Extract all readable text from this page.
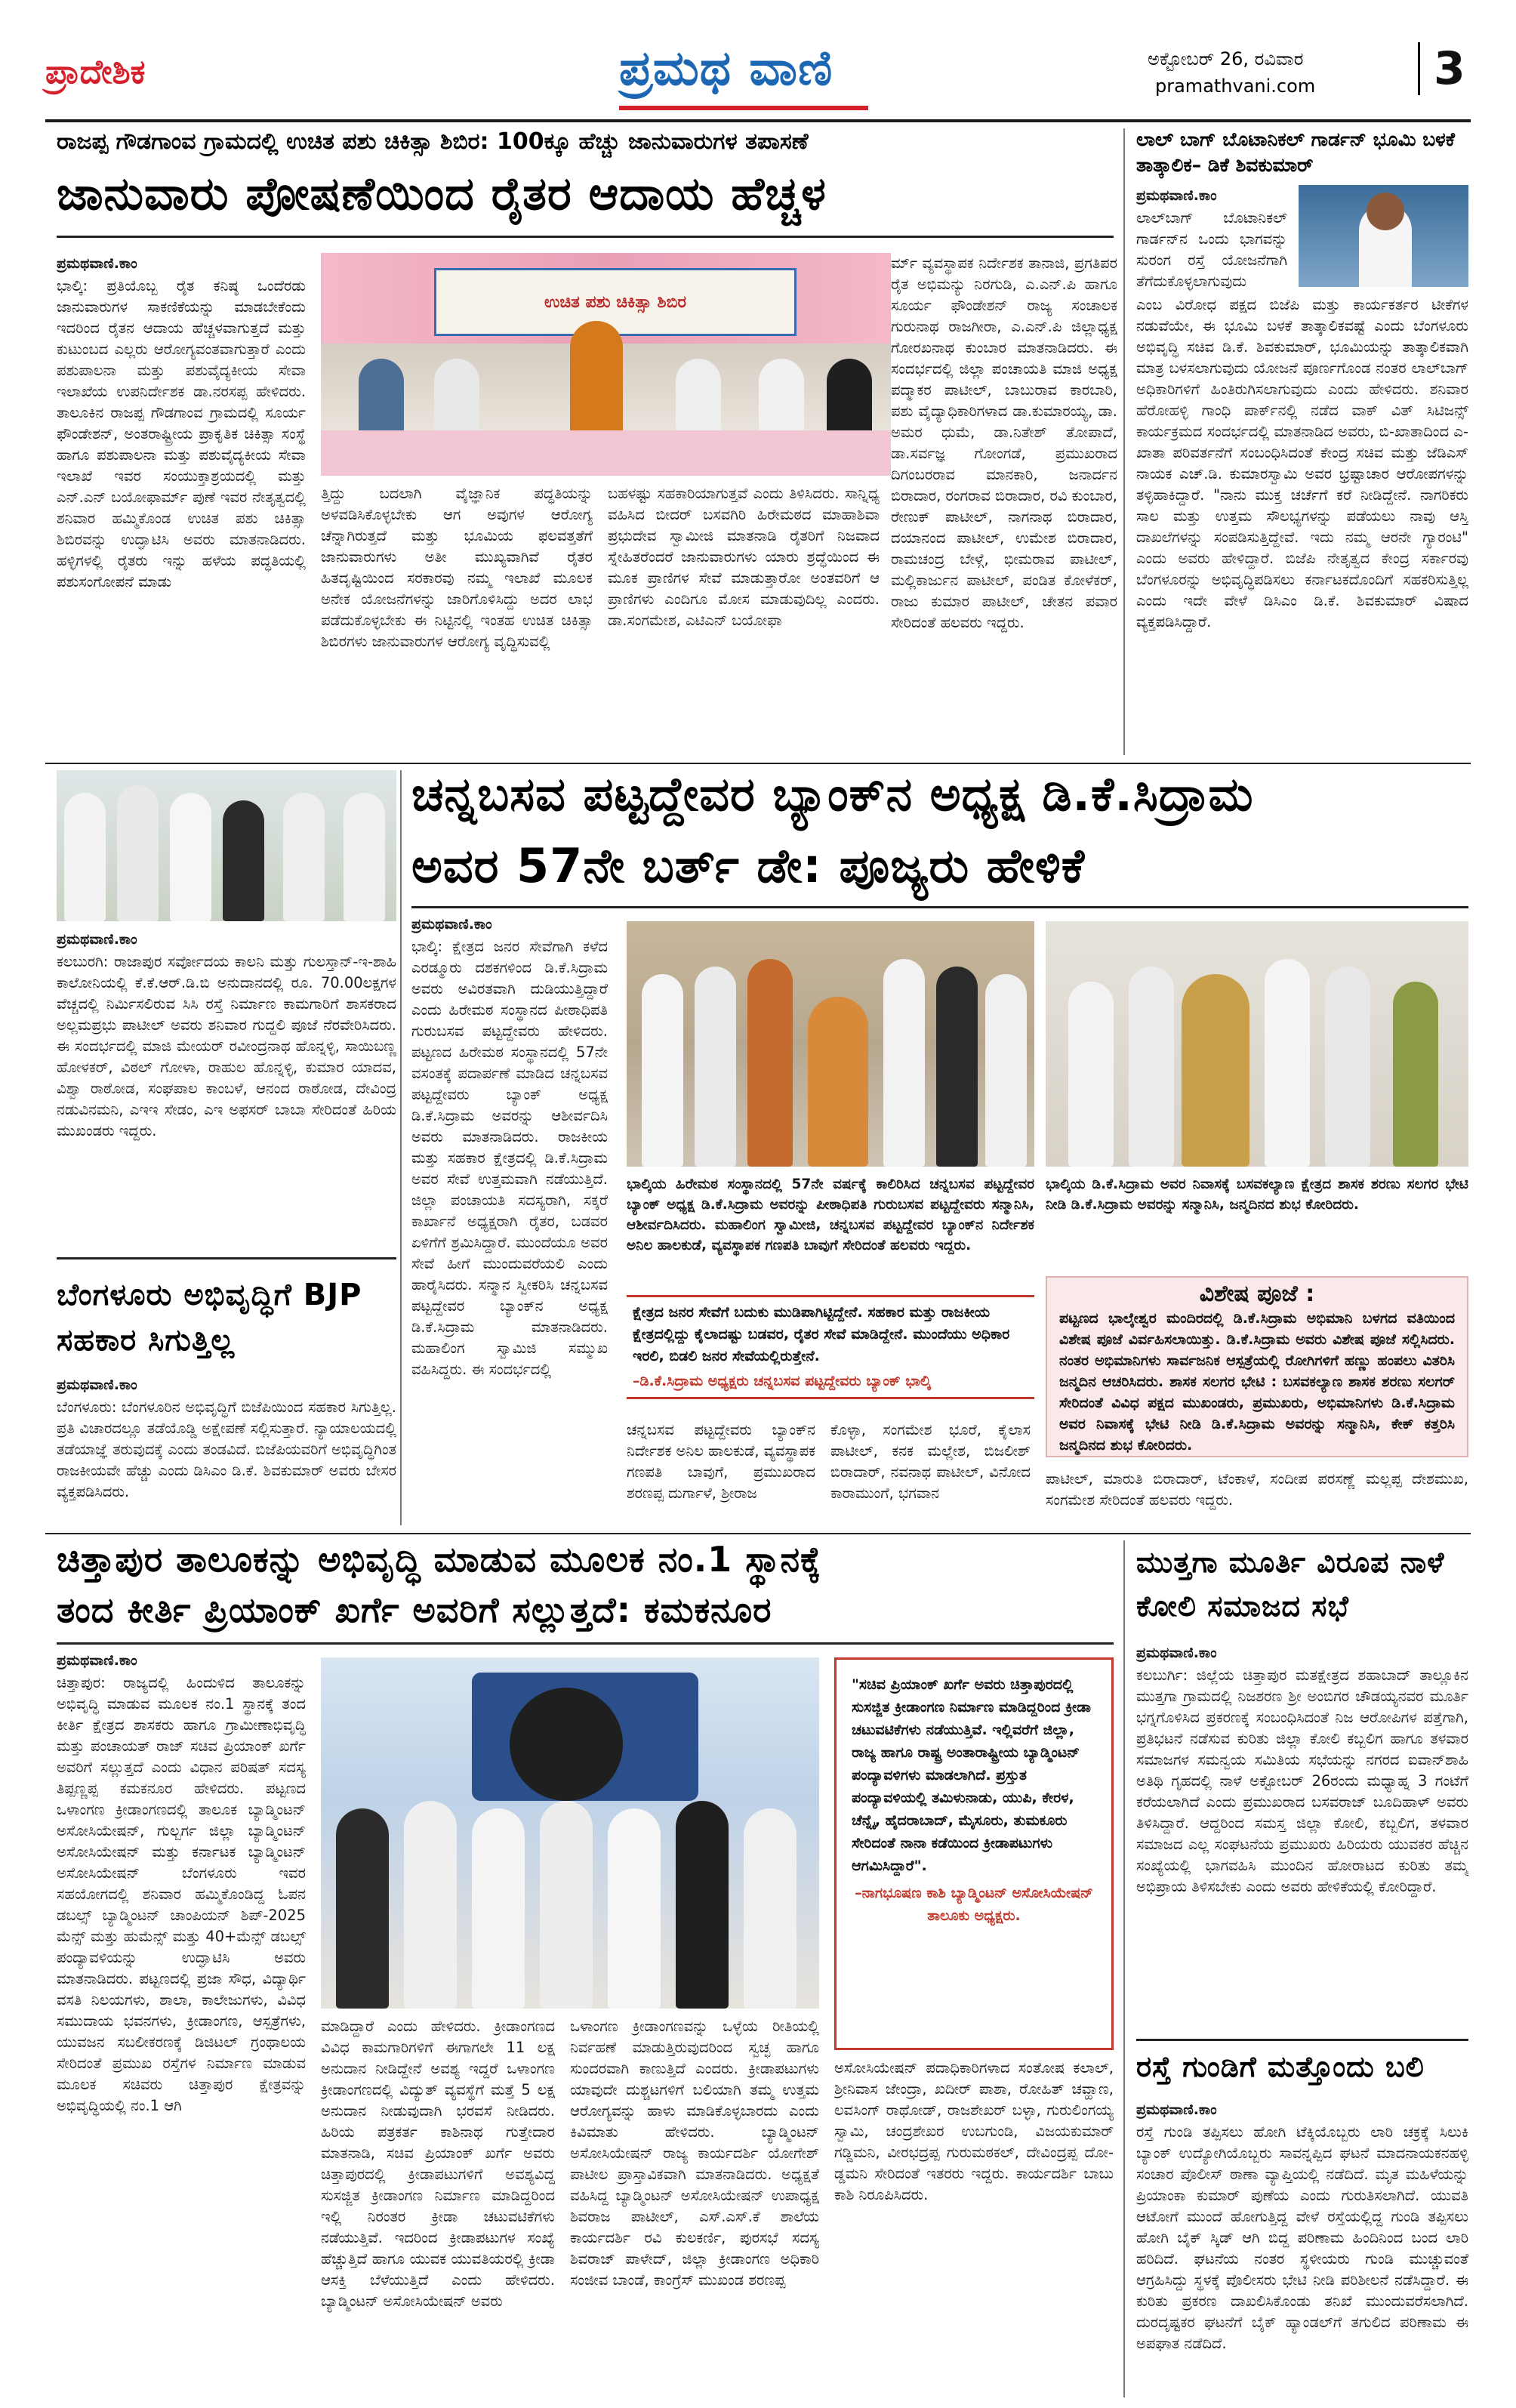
ಪ್ರಾದೇಶಿಕ	ಪ್ರಮಥ ವಾಣಿ	ಅಕ್ಟೋಬರ್ 26, ರವಿವಾರ
pramathvani.com	3
ರಾಜಪ್ಪ ಗೌಡಗಾಂವ ಗ್ರಾಮದಲ್ಲಿ ಉಚಿತ ಪಶು ಚಿಕಿತ್ಸಾ ಶಿಬಿರ: 100ಕ್ಕೂ ಹೆಚ್ಚು ಜಾನುವಾರುಗಳ ತಪಾಸಣೆ
ಜಾನುವಾರು ಪೋಷಣೆಯಿಂದ ರೈತರ ಆದಾಯ ಹೆಚ್ಚಳ
ಪ್ರಮಥವಾಣಿ.ಕಾಂ
ಭಾಲ್ಕಿ: ಪ್ರತಿಯೊಬ್ಬ ರೈತ ಕನಿಷ್ಠ ಒಂದೆರಡು ಜಾನುವಾರುಗಳ ಸಾಕಣಿಕೆಯನ್ನು ಮಾಡಬೇಕೆಂದು ಇದರಿಂದ ರೈತನ ಆದಾಯ ಹೆಚ್ಚಳವಾಗುತ್ತದೆ ಮತ್ತು ಕುಟುಂಬದ ಎಲ್ಲರು ಆರೋಗ್ಯವಂತವಾಗುತ್ತಾರೆ ಎಂದು ಪಶುಪಾಲನಾ ಮತ್ತು ಪಶುವೈದ್ಯಕೀಯ ಸೇವಾ ಇಲಾಖೆಯ ಉಪನಿರ್ದೇಶಕ ಡಾ.ನರಸಪ್ಪ ಹೇಳಿದರು. ತಾಲೂಕಿನ ರಾಜಪ್ಪ ಗೌಡಗಾಂವ ಗ್ರಾಮದಲ್ಲಿ ಸೂರ್ಯ ಫೌಂಡೇಶನ್, ಅಂತರಾಷ್ಟ್ರೀಯ ಪ್ರಾಕೃತಿಕ ಚಿಕಿತ್ಸಾ ಸಂಸ್ಥೆ ಹಾಗೂ ಪಶುಪಾಲನಾ ಮತ್ತು ಪಶುವೈದ್ಯಕೀಯ ಸೇವಾ ಇಲಾಖೆ ಇವರ ಸಂಯುಕ್ತಾಶ್ರಯದಲ್ಲಿ ಮತ್ತು ಎನ್.ಎನ್ ಬಯೋಫಾರ್ಮ್ ಪುಣೆ ಇವರ ನೇತೃತ್ವದಲ್ಲಿ ಶನಿವಾರ ಹಮ್ಮಿಕೊಂಡ ಉಚಿತ ಪಶು ಚಿಕಿತ್ಸಾ ಶಿಬಿರವನ್ನು ಉದ್ಘಾಟಿಸಿ ಅವರು ಮಾತನಾಡಿದರು. ಹಳ್ಳಿಗಳಲ್ಲಿ ರೈತರು ಇನ್ನು ಹಳೆಯ ಪದ್ಧತಿಯಲ್ಲಿ ಪಶುಸಂಗೋಪನೆ ಮಾಡು
ಉಚಿತ ಪಶು ಚಿಕಿತ್ಸಾ ಶಿಬಿರ
ತ್ತಿದ್ದು ಬದಲಾಗಿ ವೈಜ್ಞಾನಿಕ ಪದ್ಧತಿಯನ್ನು ಅಳವಡಿಸಿಕೊಳ್ಳಬೇಕು ಆಗ ಅವುಗಳ ಆರೋಗ್ಯ ಚೆನ್ನಾಗಿರುತ್ತದೆ ಮತ್ತು ಭೂಮಿಯ ಫಲವತ್ತತೆಗೆ ಜಾನುವಾರುಗಳು ಅತೀ ಮುಖ್ಯವಾಗಿವೆ ರೈತರ ಹಿತದೃಷ್ಟಿಯಿಂದ ಸರಕಾರವು ನಮ್ಮ ಇಲಾಖೆ ಮೂಲಕ ಅನೇಕ ಯೋಜನೆಗಳನ್ನು ಜಾರಿಗೊಳಿಸಿದ್ದು ಅದರ ಲಾಭ ಪಡೆದುಕೊಳ್ಳಬೇಕು ಈ ನಿಟ್ಟಿನಲ್ಲಿ ಇಂತಹ ಉಚಿತ ಚಿಕಿತ್ಸಾ ಶಿಬಿರಗಳು ಜಾನುವಾರುಗಳ ಆರೋಗ್ಯ ವೃದ್ಧಿಸುವಲ್ಲಿ
ಬಹಳಷ್ಟು ಸಹಕಾರಿಯಾಗುತ್ತವೆ ಎಂದು ತಿಳಿಸಿದರು. ಸಾನ್ನಿಧ್ಯ ವಹಿಸಿದ ಬೀದರ್ ಬಸವಗಿರಿ ಹಿರೇಮಠದ ಮಾಹಾಶಿವಾ ಪ್ರಭುದೇವ ಸ್ವಾಮೀಜಿ ಮಾತನಾಡಿ ರೈತರಿಗೆ ನಿಜವಾದ ಸ್ನೇಹಿತರೆಂದರೆ ಜಾನುವಾರುಗಳು ಯಾರು ಶ್ರದ್ಧೆಯಿಂದ ಈ ಮೂಕ ಪ್ರಾಣಿಗಳ ಸೇವೆ ಮಾಡುತ್ತಾರೋ ಅಂತವರಿಗೆ ಆ ಪ್ರಾಣಿಗಳು ಎಂದಿಗೂ ಮೋಸ ಮಾಡುವುದಿಲ್ಲ ಎಂದರು. ಡಾ.ಸಂಗಮೇಶ, ಎಟಿಎನ್ ಬಯೋಫಾ
ರ್ಮ್ ವ್ಯವಸ್ಥಾಪಕ ನಿರ್ದೇಶಕ ತಾನಾಜಿ, ಪ್ರಗತಿಪರ ರೈತ ಅಭಿಮನ್ಯು ನಿರಗುಡಿ, ಎ.ಎನ್.ಪಿ ಹಾಗೂ ಸೂರ್ಯ ಫೌಂಡೇಶನ್ ರಾಜ್ಯ ಸಂಚಾಲಕ ಗುರುನಾಥ ರಾಜಗೀರಾ, ಎ.ಎನ್.ಪಿ ಜಿಲ್ಲಾಧ್ಯಕ್ಷ ಗೋರಖನಾಥ ಕುಂಬಾರ ಮಾತನಾಡಿದರು. ಈ ಸಂದರ್ಭದಲ್ಲಿ ಜಿಲ್ಲಾ ಪಂಚಾಯತಿ ಮಾಜಿ ಅಧ್ಯಕ್ಷ ಪದ್ಮಾಕರ ಪಾಟೀಲ್, ಬಾಬುರಾವ ಕಾರಬಾರಿ, ಪಶು ವೈದ್ಯಾಧಿಕಾರಿಗಳಾದ ಡಾ.ಕುಮಾರಯ್ಯ, ಡಾ. ಅಮರ ಧುಮೆ, ಡಾ.ನಿತೇಶ್ ತೋಪಾದೆ, ಡಾ.ಸರ್ವಜ್ಞ ಗೋಂಗಡೆ, ಪ್ರಮುಖರಾದ ದಿಗಂಬರರಾವ ಮಾನಕಾರಿ, ಜನಾರ್ದನ ಬಿರಾದಾರ, ರಂಗರಾವ ಬಿರಾದಾರ, ರವಿ ಕುಂಬಾರ, ರೇಣುಕ್ ಪಾಟೀಲ್, ನಾಗನಾಥ ಬಿರಾದಾರ, ದಯಾನಂದ ಪಾಟೀಲ್, ಉಮೇಶ ಬಿರಾದಾರ, ರಾಮಚಂದ್ರ ಬೇಳ್ಗೆ, ಭೀಮರಾವ ಪಾಟೀಲ್, ಮಲ್ಲಿಕಾರ್ಜುನ ಪಾಟೀಲ್, ಪಂಡಿತ ಕೋಳೆಕರ್, ರಾಜು ಕುಮಾರ ಪಾಟೀಲ್, ಚೇತನ ಪವಾರ ಸೇರಿದಂತೆ ಹಲವರು ಇದ್ದರು.
ಲಾಲ್ ಬಾಗ್ ಬೊಟಾನಿಕಲ್ ಗಾರ್ಡನ್ ಭೂಮಿ ಬಳಕೆ ತಾತ್ಕಾಲಿಕ– ಡಿಕೆ ಶಿವಕುಮಾರ್
ಪ್ರಮಥವಾಣಿ.ಕಾಂ
ಲಾಲ್‌ಬಾಗ್ ಬೊಟಾನಿಕಲ್ ಗಾರ್ಡನ್‌ನ ಒಂದು ಭಾಗವನ್ನು ಸುರಂಗ ರಸ್ತೆ ಯೋಜನೆಗಾಗಿ ತೆಗೆದುಕೊಳ್ಳಲಾಗುವುದು
ಎಂಬ ವಿರೋಧ ಪಕ್ಷದ ಬಿಜೆಪಿ ಮತ್ತು ಕಾರ್ಯಕರ್ತರ ಟೀಕೆಗಳ ನಡುವೆಯೇ, ಈ ಭೂಮಿ ಬಳಕೆ ತಾತ್ಕಾಲಿಕವಷ್ಟೆ ಎಂದು ಬೆಂಗಳೂರು ಅಭಿವೃದ್ಧಿ ಸಚಿವ ಡಿ.ಕೆ. ಶಿವಕುಮಾರ್, ಭೂಮಿಯನ್ನು ತಾತ್ಕಾಲಿಕವಾಗಿ ಮಾತ್ರ ಬಳಸಲಾಗುವುದು ಯೋಜನೆ ಪೂರ್ಣಗೊಂಡ ನಂತರ ಲಾಲ್‌ಬಾಗ್ ಅಧಿಕಾರಿಗಳಿಗೆ ಹಿಂತಿರುಗಿಸಲಾಗುವುದು ಎಂದು ಹೇಳಿದರು. ಶನಿವಾರ ಹೆರೋಹಳ್ಳಿ ಗಾಂಧಿ ಪಾರ್ಕ್‌ನಲ್ಲಿ ನಡೆದ ವಾಕ್ ವಿತ್ ಸಿಟಿಜನ್ಸ್ ಕಾರ್ಯಕ್ರಮದ ಸಂದರ್ಭದಲ್ಲಿ ಮಾತನಾಡಿದ ಅವರು, ಬಿ-ಖಾತಾದಿಂದ ಎ-ಖಾತಾ ಪರಿವರ್ತನೆಗೆ ಸಂಬಂಧಿಸಿದಂತೆ ಕೇಂದ್ರ ಸಚಿವ ಮತ್ತು ಜೆಡಿಎಸ್ ನಾಯಕ ಎಚ್.ಡಿ. ಕುಮಾರಸ್ವಾಮಿ ಅವರ ಭ್ರಷ್ಟಾಚಾರ ಆರೋಪಗಳನ್ನು ತಳ್ಳಿಹಾಕಿದ್ದಾರೆ. "ನಾನು ಮುಕ್ತ ಚರ್ಚೆಗೆ ಕರೆ ನೀಡಿದ್ದೇನೆ. ನಾಗರಿಕರು ಸಾಲ ಮತ್ತು ಉತ್ತಮ ಸೌಲಭ್ಯಗಳನ್ನು ಪಡೆಯಲು ನಾವು ಆಸ್ತಿ ದಾಖಲೆಗಳನ್ನು ಸಂಪಡಿಸುತ್ತಿದ್ದೇವೆ. ಇದು ನಮ್ಮ ಆರನೇ ಗ್ಯಾರಂಟಿ" ಎಂದು ಅವರು ಹೇಳಿದ್ದಾರೆ. ಬಿಜೆಪಿ ನೇತೃತ್ವದ ಕೇಂದ್ರ ಸರ್ಕಾರವು ಬೆಂಗಳೂರನ್ನು ಅಭಿವೃದ್ಧಿಪಡಿಸಲು ಕರ್ನಾಟಕದೊಂದಿಗೆ ಸಹಕರಿಸುತ್ತಿಲ್ಲ ಎಂದು ಇದೇ ವೇಳೆ ಡಿಸಿಎಂ ಡಿ.ಕೆ. ಶಿವಕುಮಾರ್ ವಿಷಾದ ವ್ಯಕ್ತಪಡಿಸಿದ್ದಾರೆ.
ಪ್ರಮಥವಾಣಿ.ಕಾಂ
ಕಲಬುರಗಿ: ರಾಜಾಪುರ ಸರ್ವೋದಯ ಕಾಲನಿ ಮತ್ತು ಗುಲಸ್ತಾನ್-ಇ-ಶಾಹಿ ಕಾಲೋನಿಯಲ್ಲಿ ಕೆ.ಕೆ.ಆರ್.ಡಿ.ಬಿ ಅನುದಾನದಲ್ಲಿ ರೂ. 70.00ಲಕ್ಷಗಳ ವೆಚ್ಚದಲ್ಲಿ ನಿರ್ಮಿಸಲಿರುವ ಸಿಸಿ ರಸ್ತೆ ನಿರ್ಮಾಣ ಕಾಮಗಾರಿಗೆ ಶಾಸಕರಾದ ಅಲ್ಲಮಪ್ರಭು ಪಾಟೀಲ್ ಅವರು ಶನಿವಾರ ಗುದ್ದಲಿ ಪೂಜೆ ನೆರವೇರಿಸಿದರು. ಈ ಸಂದರ್ಭದಲ್ಲಿ ಮಾಜಿ ಮೇಯರ್ ರವೀಂದ್ರನಾಥ ಹೊನ್ನಳ್ಳಿ, ಸಾಯಿಬಣ್ಣ ಹೋಳಕರ್, ವಿಠಲ್ ಗೋಳಾ, ರಾಹುಲ ಹೊನ್ನಳ್ಳಿ, ಕುಮಾರ ಯಾದವ, ವಿಶ್ವಾ ರಾಠೋಡ, ಸಂಘಪಾಲ ಕಾಂಬಳೆ, ಆನಂದ ರಾಠೋಡ, ದೇವಿಂದ್ರ ನಡುವಿನಮನಿ, ಎಇಇ ಸೇಡಂ, ಎಇ ಅಫಸರ್ ಬಾಬಾ ಸೇರಿದಂತೆ ಹಿರಿಯ ಮುಖಂಡರು ಇದ್ದರು.
ಬೆಂಗಳೂರು ಅಭಿವೃದ್ಧಿಗೆ BJP ಸಹಕಾರ ಸಿಗುತ್ತಿಲ್ಲ
ಪ್ರಮಥವಾಣಿ.ಕಾಂ
ಬೆಂಗಳೂರು: ಬೆಂಗಳೂರಿನ ಅಭಿವೃದ್ಧಿಗೆ ಬಿಜೆಪಿಯಿಂದ ಸಹಕಾರ ಸಿಗುತ್ತಿಲ್ಲ. ಪ್ರತಿ ವಿಚಾರದಲ್ಲೂ ತಡೆಯೊಡ್ಡಿ ಅಕ್ಷೇಪಣೆ ಸಲ್ಲಿಸುತ್ತಾರೆ. ನ್ಯಾಯಾಲಯದಲ್ಲಿ ತಡೆಯಾಜ್ಞೆ ತರುವುದಕ್ಕೆ ಎಂದು ತಂಡವಿದೆ. ಬಿಜೆಪಿಯವರಿಗೆ ಅಭಿವೃದ್ಧಿಗಿಂತ ರಾಜಕೀಯವೇ ಹೆಚ್ಚು ಎಂದು ಡಿಸಿಎಂ ಡಿ.ಕೆ. ಶಿವಕುಮಾರ್ ಅವರು ಬೇಸರ ವ್ಯಕ್ತಪಡಿಸಿದರು.
ಚನ್ನಬಸವ ಪಟ್ಟದ್ದೇವರ ಬ್ಯಾಂಕ್‌ನ ಅಧ್ಯಕ್ಷ ಡಿ.ಕೆ.ಸಿದ್ರಾಮ
ಅವರ 57ನೇ ಬರ್ತ್ ಡೇ: ಪೂಜ್ಯರು ಹೇಳಿಕೆ
ಪ್ರಮಥವಾಣಿ.ಕಾಂ
ಭಾಲ್ಕಿ: ಕ್ಷೇತ್ರದ ಜನರ ಸೇವೆಗಾಗಿ ಕಳೆದ ಎರಡ್ಮೂರು ದಶಕಗಳಿಂದ ಡಿ.ಕೆ.ಸಿದ್ರಾಮ ಅವರು ಅವಿರತವಾಗಿ ದುಡಿಯುತ್ತಿದ್ದಾರೆ ಎಂದು ಹಿರೇಮಠ ಸಂಸ್ಥಾನದ ಪೀಠಾಧಿಪತಿ ಗುರುಬಸವ ಪಟ್ಟದ್ದೇವರು ಹೇಳಿದರು. ಪಟ್ಟಣದ ಹಿರೇಮಠ ಸಂಸ್ಥಾನದಲ್ಲಿ 57ನೇ ವಸಂತಕ್ಕೆ ಪದಾರ್ಪಣೆ ಮಾಡಿದ ಚನ್ನಬಸವ ಪಟ್ಟದ್ದೇವರು ಬ್ಯಾಂಕ್ ಅಧ್ಯಕ್ಷ ಡಿ.ಕೆ.ಸಿದ್ರಾಮ ಅವರನ್ನು ಆಶೀರ್ವದಿಸಿ ಅವರು ಮಾತನಾಡಿದರು. ರಾಜಕೀಯ ಮತ್ತು ಸಹಕಾರ ಕ್ಷೇತ್ರದಲ್ಲಿ ಡಿ.ಕೆ.ಸಿದ್ರಾಮ ಅವರ ಸೇವೆ ಉತ್ತಮವಾಗಿ ನಡೆಯುತ್ತಿದೆ. ಜಿಲ್ಲಾ ಪಂಚಾಯತಿ ಸದಸ್ಯರಾಗಿ, ಸಕ್ಕರೆ ಕಾರ್ಖಾನೆ ಅಧ್ಯಕ್ಷರಾಗಿ ರೈತರ, ಬಡವರ ಏಳಿಗೆಗೆ ಶ್ರಮಿಸಿದ್ದಾರೆ. ಮುಂದೆಯೂ ಅವರ ಸೇವೆ ಹೀಗೆ ಮುಂದುವರೆಯಲಿ ಎಂದು ಹಾರೈಸಿದರು. ಸನ್ಮಾನ ಸ್ವೀಕರಿಸಿ ಚನ್ನಬಸವ ಪಟ್ಟದ್ದೇವರ ಬ್ಯಾಂಕ್‌ನ ಅಧ್ಯಕ್ಷ ಡಿ.ಕೆ.ಸಿದ್ರಾಮ ಮಾತನಾಡಿದರು. ಮಹಾಲಿಂಗ ಸ್ವಾಮಿಜಿ ಸಮ್ಮುಖ ವಹಿಸಿದ್ದರು. ಈ ಸಂದರ್ಭದಲ್ಲಿ
ಭಾಲ್ಕಿಯ ಹಿರೇಮಠ ಸಂಸ್ಥಾನದಲ್ಲಿ 57ನೇ ವರ್ಷಕ್ಕೆ ಕಾಲಿರಿಸಿದ ಚನ್ನಬಸವ ಪಟ್ಟದ್ದೇವರ ಬ್ಯಾಂಕ್ ಅಧ್ಯಕ್ಷ ಡಿ.ಕೆ.ಸಿದ್ರಾಮ ಅವರನ್ನು ಪೀಠಾಧಿಪತಿ ಗುರುಬಸವ ಪಟ್ಟದ್ದೇವರು ಸನ್ಮಾನಿಸಿ, ಆಶೀರ್ವದಿಸಿದರು. ಮಹಾಲಿಂಗ ಸ್ವಾಮೀಜಿ, ಚನ್ನಬಸವ ಪಟ್ಟದ್ದೇವರ ಬ್ಯಾಂಕ್‌ನ ನಿರ್ದೇಶಕ ಅನಿಲ ಹಾಲಕುಡೆ, ವ್ಯವಸ್ಥಾಪಕ ಗಣಪತಿ ಬಾವುಗೆ ಸೇರಿದಂತೆ ಹಲವರು ಇದ್ದರು.
ಭಾಲ್ಕಿಯ ಡಿ.ಕೆ.ಸಿದ್ರಾಮ ಅವರ ನಿವಾಸಕ್ಕೆ ಬಸವಕಲ್ಯಾಣ ಕ್ಷೇತ್ರದ ಶಾಸಕ ಶರಣು ಸಲಗರ ಭೇಟಿ ನೀಡಿ ಡಿ.ಕೆ.ಸಿದ್ರಾಮ ಅವರನ್ನು ಸನ್ಮಾನಿಸಿ, ಜನ್ಮದಿನದ ಶುಭ ಕೋರಿದರು.
ಕ್ಷೇತ್ರದ ಜನರ ಸೇವೆಗೆ ಬದುಕು ಮುಡಿಪಾಗಿಟ್ಟಿದ್ದೇನೆ. ಸಹಕಾರ ಮತ್ತು ರಾಜಕೀಯ ಕ್ಷೇತ್ರದಲ್ಲಿದ್ದು ಕೈಲಾದಷ್ಟು ಬಡವರ, ರೈತರ ಸೇವೆ ಮಾಡಿದ್ದೇನೆ. ಮುಂದೆಯು ಅಧಿಕಾರ ಇರಲಿ, ಬಿಡಲಿ ಜನರ ಸೇವೆಯಲ್ಲಿರುತ್ತೇನೆ.
–ಡಿ.ಕೆ.ಸಿದ್ರಾಮ ಅಧ್ಯಕ್ಷರು ಚನ್ನಬಸವ ಪಟ್ಟದ್ದೇವರು ಬ್ಯಾಂಕ್ ಭಾಲ್ಕಿ
ಚನ್ನಬಸವ ಪಟ್ಟದ್ದೇವರು ಬ್ಯಾಂಕ್‌ನ ನಿರ್ದೇಶಕ ಅನಿಲ ಹಾಲಕುಡೆ, ವ್ಯವಸ್ಥಾಪಕ ಗಣಪತಿ ಬಾವುಗೆ, ಪ್ರಮುಖರಾದ ಶರಣಪ್ಪ ದುರ್ಗಾಳೆ, ಶ್ರೀರಾಜ
ಕೊಳ್ಳಾ, ಸಂಗಮೇಶ ಭೂರೆ, ಕೈಲಾಸ ಪಾಟೀಲ್, ಕನಕ ಮಲ್ಲೇಶ, ಬಿಜಲೀಶ್ ಬಿರಾದಾರ್, ನವನಾಥ ಪಾಟೀಲ್, ವಿನೋದ ಕಾರಾಮುಂಗೆ, ಭಗವಾನ
ವಿಶೇಷ ಪೂಜೆ :
ಪಟ್ಟಣದ ಭಾಲ್ಕೇಶ್ವರ ಮಂದಿರದಲ್ಲಿ ಡಿ.ಕೆ.ಸಿದ್ರಾಮ ಅಭಿಮಾನಿ ಬಳಗದ ವತಿಯಿಂದ ವಿಶೇಷ ಪೂಜೆ ವಿರ್ವಹಿಸಲಾಯಿತ್ತು. ಡಿ.ಕೆ.ಸಿದ್ರಾಮ ಅವರು ವಿಶೇಷ ಪೂಜೆ ಸಲ್ಲಿಸಿದರು. ನಂತರ ಅಭಿಮಾನಿಗಳು ಸಾರ್ವಜನಿಕ ಆಸ್ಪತ್ರೆಯಲ್ಲಿ ರೋಗಿಗಳಿಗೆ ಹಣ್ಣು ಹಂಪಲು ವಿತರಿಸಿ ಜನ್ಮದಿನ ಆಚರಿಸಿದರು. ಶಾಸಕ ಸಲಗರ ಭೇಟಿ : ಬಸವಕಲ್ಯಾಣ ಶಾಸಕ ಶರಣು ಸಲಗರ್ ಸೇರಿದಂತೆ ವಿವಿಧ ಪಕ್ಷದ ಮುಖಂಡರು, ಪ್ರಮುಖರು, ಅಭಿಮಾನಿಗಳು ಡಿ.ಕೆ.ಸಿದ್ರಾಮ ಅವರ ನಿವಾಸಕ್ಕೆ ಭೇಟಿ ನೀಡಿ ಡಿ.ಕೆ.ಸಿದ್ರಾಮ ಅವರನ್ನು ಸನ್ಮಾನಿಸಿ, ಕೇಕ್ ಕತ್ತರಿಸಿ ಜನ್ಮದಿನದ ಶುಭ ಕೋರಿದರು.
ಪಾಟೀಲ್, ಮಾರುತಿ ಬಿರಾದಾರ್, ಟೆಂಕಾಳೆ, ಸಂದೀಪ ಪರಸಣ್ಣೆ ಮಲ್ಲಪ್ಪ ದೇಶಮುಖ, ಸಂಗಮೇಶ ಸೇರಿದಂತೆ ಹಲವರು ಇದ್ದರು.
ಚಿತ್ತಾಪುರ ತಾಲೂಕನ್ನು ಅಭಿವೃದ್ಧಿ ಮಾಡುವ ಮೂಲಕ ನಂ.1 ಸ್ಥಾನಕ್ಕೆ
ತಂದ ಕೀರ್ತಿ ಪ್ರಿಯಾಂಕ್ ಖರ್ಗೆ ಅವರಿಗೆ ಸಲ್ಲುತ್ತದೆ: ಕಮಕನೂರ
ಪ್ರಮಥವಾಣಿ.ಕಾಂ
ಚಿತ್ತಾಪುರ: ರಾಜ್ಯದಲ್ಲಿ ಹಿಂದುಳಿದ ತಾಲೂಕನ್ನು ಅಭಿವೃದ್ಧಿ ಮಾಡುವ ಮೂಲಕ ನಂ.1 ಸ್ಥಾನಕ್ಕೆ ತಂದ ಕೀರ್ತಿ ಕ್ಷೇತ್ರದ ಶಾಸಕರು ಹಾಗೂ ಗ್ರಾಮೀಣಾಭಿವೃದ್ಧಿ ಮತ್ತು ಪಂಚಾಯತ್ ರಾಜ್ ಸಚಿವ ಪ್ರಿಯಾಂಕ್ ಖರ್ಗೆ ಅವರಿಗೆ ಸಲ್ಲುತ್ತದೆ ಎಂದು ವಿಧಾನ ಪರಿಷತ್ ಸದಸ್ಯ ತಿಪ್ಪಣ್ಣಪ್ಪ ಕಮಕನೂರ ಹೇಳಿದರು. ಪಟ್ಟಣದ ಒಳಾಂಗಣ ಕ್ರೀಡಾಂಗಣದಲ್ಲಿ ತಾಲೂಕ ಬ್ಯಾಡ್ಮಿಂಟನ್ ಅಸೋಸಿಯೇಷನ್, ಗುಲ್ಬರ್ಗ ಜಿಲ್ಲಾ ಬ್ಯಾಡ್ಮಿಂಟನ್ ಅಸೋಸಿಯೇಷನ್ ಮತ್ತು ಕರ್ನಾಟಕ ಬ್ಯಾಡ್ಮಿಂಟನ್ ಅಸೋಸಿಯೇಷನ್ ಬೆಂಗಳೂರು ಇವರ ಸಹಯೋಗದಲ್ಲಿ ಶನಿವಾರ ಹಮ್ಮಿಕೊಂಡಿದ್ದ ಓಪನ ಡಬಲ್ಸ್ ಬ್ಯಾಡ್ಮಿಂಟನ್ ಚಾಂಪಿಯನ್ ಶಿಪ್-2025 ಮೆನ್ಸ್ ಮತ್ತು ಹುಮೆನ್ಸ್ ಮತ್ತು 40+ಮೆನ್ಸ್ ಡಬಲ್ಸ್ ಪಂದ್ಯಾವಳಿಯನ್ನು ಉದ್ಘಾಟಿಸಿ ಅವರು ಮಾತನಾಡಿದರು. ಪಟ್ಟಣದಲ್ಲಿ ಪ್ರಜಾ ಸೌಧ, ವಿದ್ಯಾರ್ಥಿ ವಸತಿ ನಿಲಯಗಳು, ಶಾಲಾ, ಕಾಲೇಜುಗಳು, ವಿವಿಧ ಸಮುದಾಯ ಭವನಗಳು, ಕ್ರೀಡಾಂಗಣ, ಆಸ್ಪತ್ರೆಗಳು, ಯುವಜನ ಸಬಲೀಕರಣಕ್ಕೆ ಡಿಜಿಟಲ್ ಗ್ರಂಥಾಲಯ ಸೇರಿದಂತೆ ಪ್ರಮುಖ ರಸ್ತೆಗಳ ನಿರ್ಮಾಣ ಮಾಡುವ ಮೂಲಕ ಸಚಿವರು ಚಿತ್ತಾಪುರ ಕ್ಷೇತ್ರವನ್ನು ಅಭಿವೃದ್ಧಿಯಲ್ಲಿ ನಂ.1 ಆಗಿ
ಮಾಡಿದ್ದಾರೆ ಎಂದು ಹೇಳಿದರು. ಕ್ರೀಡಾಂಗಣದ ವಿವಿಧ ಕಾಮಗಾರಿಗಳಿಗೆ ಈಗಾಗಲೇ 11 ಲಕ್ಷ ಅನುದಾನ ನೀಡಿದ್ದೇನೆ ಅವಶ್ಯ ಇದ್ದರೆ ಒಳಾಂಗಣ ಕ್ರೀಡಾಂಗಣದಲ್ಲಿ ವಿದ್ಯುತ್ ವ್ಯವಸ್ಥೆಗೆ ಮತ್ತೆ 5 ಲಕ್ಷ ಅನುದಾನ ನೀಡುವುದಾಗಿ ಭರವಸೆ ನೀಡಿದರು. ಹಿರಿಯ ಪತ್ರಕರ್ತ ಕಾಶಿನಾಥ ಗುತ್ತೇದಾರ ಮಾತನಾಡಿ, ಸಚಿವ ಪ್ರಿಯಾಂಕ್ ಖರ್ಗೆ ಅವರು ಚಿತ್ತಾಪುರದಲ್ಲಿ ಕ್ರೀಡಾಪಟುಗಳಿಗೆ ಅವಶ್ಯವಿದ್ದ ಸುಸಜ್ಜಿತ ಕ್ರೀಡಾಂಗಣ ನಿರ್ಮಾಣ ಮಾಡಿದ್ದರಿಂದ ಇಲ್ಲಿ ನಿರಂತರ ಕ್ರೀಡಾ ಚಟುವಟಿಕೆಗಳು ನಡೆಯುತ್ತಿವೆ. ಇದರಿಂದ ಕ್ರೀಡಾಪಟುಗಳ ಸಂಖ್ಯೆ ಹೆಚ್ಚುತ್ತಿದೆ ಹಾಗೂ ಯುವಕ ಯುವತಿಯರಲ್ಲಿ ಕ್ರೀಡಾ ಆಸಕ್ತಿ ಬೆಳೆಯುತ್ತಿದೆ ಎಂದು ಹೇಳಿದರು. ಬ್ಯಾಡ್ಮಿಂಟನ್ ಅಸೋಸಿಯೇಷನ್ ಅವರು
ಒಳಾಂಗಣ ಕ್ರೀಡಾಂಗಣವನ್ನು ಒಳ್ಳೆಯ ರೀತಿಯಲ್ಲಿ ನಿರ್ವಹಣೆ ಮಾಡುತ್ತಿರುವುದರಿಂದ ಸ್ವಚ್ಛ ಹಾಗೂ ಸುಂದರವಾಗಿ ಕಾಣುತ್ತಿದೆ ಎಂದರು. ಕ್ರೀಡಾಪಟುಗಳು ಯಾವುದೇ ದುಶ್ಚಟಗಳಿಗೆ ಬಲಿಯಾಗಿ ತಮ್ಮ ಉತ್ತಮ ಆರೋಗ್ಯವನ್ನು ಹಾಳು ಮಾಡಿಕೊಳ್ಳಬಾರದು ಎಂದು ಕಿವಿಮಾತು ಹೇಳಿದರು. ಬ್ಯಾಡ್ಮಿಂಟನ್ ಅಸೋಸಿಯೇಷನ್ ರಾಜ್ಯ ಕಾರ್ಯದರ್ಶಿ ಯೋಗೇಶ್ ಪಾಟೀಲ ಪ್ರಾಸ್ತಾವಿಕವಾಗಿ ಮಾತನಾಡಿದರು. ಅಧ್ಯಕ್ಷತೆ ವಹಿಸಿದ್ದ ಬ್ಯಾಡ್ಮಿಂಟನ್ ಅಸೋಸಿಯೇಷನ್ ಉಪಾಧ್ಯಕ್ಷ ಶಿವರಾಜ ಪಾಟೀಲ್, ಎಸ್.ಎಸ್.ಕೆ ಶಾಲೆಯ ಕಾರ್ಯದರ್ಶಿ ರವಿ ಕುಲಕರ್ಣಿ, ಪುರಸಭೆ ಸದಸ್ಯ ಶಿವರಾಜ್ ಪಾಳೇದ್, ಜಿಲ್ಲಾ ಕ್ರೀಡಾಂಗಣ ಅಧಿಕಾರಿ ಸಂಜೀವ ಬಾಂಡೆ, ಕಾಂಗ್ರೆಸ್ ಮುಖಂಡ ಶರಣಪ್ಪ
"ಸಚಿವ ಪ್ರಿಯಾಂಕ್ ಖರ್ಗೆ ಅವರು ಚಿತ್ತಾಪುರದಲ್ಲಿ ಸುಸಜ್ಜಿತ ಕ್ರೀಡಾಂಗಣ ನಿರ್ಮಾಣ ಮಾಡಿದ್ದರಿಂದ ಕ್ರೀಡಾ ಚಟುವಟಿಕೆಗಳು ನಡೆಯುತ್ತಿವೆ. ಇಲ್ಲಿವರೆಗೆ ಜಿಲ್ಲಾ, ರಾಜ್ಯ ಹಾಗೂ ರಾಷ್ಟ್ರ ಅಂತಾರಾಷ್ಟ್ರೀಯ ಬ್ಯಾಡ್ಮಿಂಟನ್ ಪಂದ್ಯಾವಳಿಗಳು ಮಾಡಲಾಗಿದೆ. ಪ್ರಸ್ತುತ ಪಂದ್ಯಾವಳಿಯಲ್ಲಿ ತಮಿಳುನಾಡು, ಯುಪಿ, ಕೇರಳ, ಚೆನ್ನೈ, ಹೈದರಾಬಾದ್, ಮೈಸೂರು, ತುಮಕೂರು ಸೇರಿದಂತೆ ನಾನಾ ಕಡೆಯಿಂದ ಕ್ರೀಡಾಪಟುಗಳು ಆಗಮಿಸಿದ್ದಾರೆ".
–ನಾಗಭೂಷಣ ಕಾಶಿ ಬ್ಯಾಡ್ಮಿಂಟನ್ ಅಸೋಸಿಯೇಷನ್ ತಾಲೂಕು ಅಧ್ಯಕ್ಷರು.
ಅಸೋಸಿಯೇಷನ್ ಪದಾಧಿಕಾರಿಗಳಾದ ಸಂತೋಷ ಕಲಾಲ್, ಶ್ರೀನಿವಾಸ ಜೇಂದ್ರಾ, ಖದೀರ್ ಪಾಶಾ, ರೋಹಿತ್ ಚವ್ಹಾಣ, ಲವಸಿಂಗ್ ರಾಥೋಡ್, ರಾಜಶೇಖರ್ ಬಳ್ಳಾ, ಗುರುಲಿಂಗಯ್ಯ ಸ್ವಾಮಿ, ಚಂದ್ರಶೇಖರ ಉಬಗುಂಡಿ, ವಿಜಯಕುಮಾರ್ ಗಡ್ಡಿಮನಿ, ವೀರಭದ್ರಪ್ಪ ಗುರುಮಠಕಲ್, ದೇವಿಂದ್ರಪ್ಪ ದೋ-ಡ್ಡಮನಿ ಸೇರಿದಂತೆ ಇತರರು ಇದ್ದರು. ಕಾರ್ಯದರ್ಶಿ ಬಾಬು ಕಾಶಿ ನಿರೂಪಿಸಿದರು.
ಮುತ್ತಗಾ ಮೂರ್ತಿ ವಿರೂಪ ನಾಳೆ ಕೋಲಿ ಸಮಾಜದ ಸಭೆ
ಪ್ರಮಥವಾಣಿ.ಕಾಂ
ಕಲಬುರ್ಗಿ: ಜಿಲ್ಲೆಯ ಚಿತ್ತಾಪುರ ಮತಕ್ಷೇತ್ರದ ಶಹಾಬಾದ್ ತಾಲ್ಲೂಕಿನ ಮುತ್ತಗಾ ಗ್ರಾಮದಲ್ಲಿ ನಿಜಶರಣ ಶ್ರೀ ಅಂಬಿಗರ ಚೌಡಯ್ಯನವರ ಮೂರ್ತಿ ಭಗ್ನಗೊಳಿಸಿದ ಪ್ರಕರಣಕ್ಕೆ ಸಂಬಂಧಿಸಿದಂತೆ ನಿಜ ಆರೋಪಿಗಳ ಪತ್ತೆಗಾಗಿ, ಪ್ರತಿಭಟನೆ ನಡೆಸುವ ಕುರಿತು ಜಿಲ್ಲಾ ಕೋಲಿ ಕಬ್ಬಲಿಗ ಹಾಗೂ ತಳವಾರ ಸಮಾಜಗಳ ಸಮನ್ವಯ ಸಮಿತಿಯ ಸಭೆಯನ್ನು ನಗರದ ಐವಾನ್‌ಶಾಹಿ ಅತಿಥಿ ಗೃಹದಲ್ಲಿ ನಾಳೆ ಅಕ್ಟೋಬರ್ 26ರಂದು ಮಧ್ಯಾಹ್ನ 3 ಗಂಟೆಗೆ ಕರೆಯಲಾಗಿದೆ ಎಂದು ಪ್ರಮುಖರಾದ ಬಸವರಾಜ್ ಬೂದಿಹಾಳ್ ಅವರು ತಿಳಿಸಿದ್ದಾರೆ. ಆದ್ದರಿಂದ ಸಮಸ್ತ ಜಿಲ್ಲಾ ಕೋಲಿ, ಕಬ್ಬಲಿಗ, ತಳವಾರ ಸಮಾಜದ ಎಲ್ಲ ಸಂಘಟನೆಯ ಪ್ರಮುಖರು ಹಿರಿಯರು ಯುವಕರ ಹೆಚ್ಚಿನ ಸಂಖ್ಯೆಯಲ್ಲಿ ಭಾಗವಹಿಸಿ ಮುಂದಿನ ಹೋರಾಟದ ಕುರಿತು ತಮ್ಮ ಅಭಿಪ್ರಾಯ ತಿಳಿಸಬೇಕು ಎಂದು ಅವರು ಹೇಳಿಕೆಯಲ್ಲಿ ಕೋರಿದ್ದಾರೆ.
ರಸ್ತೆ ಗುಂಡಿಗೆ ಮತ್ತೊಂದು ಬಲಿ
ಪ್ರಮಥವಾಣಿ.ಕಾಂ
ರಸ್ತೆ ಗುಂಡಿ ತಪ್ಪಿಸಲು ಹೋಗಿ ಟೆಕ್ಕಿಯೊಬ್ಬರು ಲಾರಿ ಚಕ್ರಕ್ಕೆ ಸಿಲುಕಿ ಬ್ಯಾಂಕ್ ಉದ್ಯೋಗಿಯೊಬ್ಬರು ಸಾವನ್ನಪ್ಪಿದ ಘಟನೆ ಮಾದನಾಯಕನಹಳ್ಳಿ ಸಂಚಾರ ಪೊಲೀಸ್ ಠಾಣಾ ವ್ಯಾಪ್ತಿಯಲ್ಲಿ ನಡೆದಿದೆ. ಮೃತ ಮಹಿಳೆಯನ್ನು ಪ್ರಿಯಾಂಕಾ ಕುಮಾರ್ ಪುಣೆಯ ಎಂದು ಗುರುತಿಸಲಾಗಿದೆ. ಯುವತಿ ಆಟೋಗೆ ಮುಂದೆ ಹೋಗುತ್ತಿದ್ದ ವೇಳೆ ರಸ್ತೆಯಲ್ಲಿದ್ದ ಗುಂಡಿ ತಪ್ಪಿಸಲು ಹೋಗಿ ಬೈಕ್ ಸ್ಕಿಡ್ ಆಗಿ ಬಿದ್ದ ಪರಿಣಾಮ ಹಿಂದಿನಿಂದ ಬಂದ ಲಾರಿ ಹರಿದಿದೆ. ಘಟನೆಯ ನಂತರ ಸ್ಥಳೀಯರು ಗುಂಡಿ ಮುಚ್ಚುವಂತೆ ಆಗ್ರಹಿಸಿದ್ದು ಸ್ಥಳಕ್ಕೆ ಪೊಲೀಸರು ಭೇಟಿ ನೀಡಿ ಪರಿಶೀಲನೆ ನಡೆಸಿದ್ದಾರೆ. ಈ ಕುರಿತು ಪ್ರಕರಣ ದಾಖಲಿಸಿಕೊಂಡು ತನಿಖೆ ಮುಂದುವರೆಸಲಾಗಿದೆ. ದುರದೃಷ್ಟಕರ ಘಟನೆಗೆ ಬೈಕ್ ಹ್ಯಾಂಡಲ್‌ಗೆ ತಗುಲಿದ ಪರಿಣಾಮ ಈ ಅಪಘಾತ ನಡೆದಿದೆ.
